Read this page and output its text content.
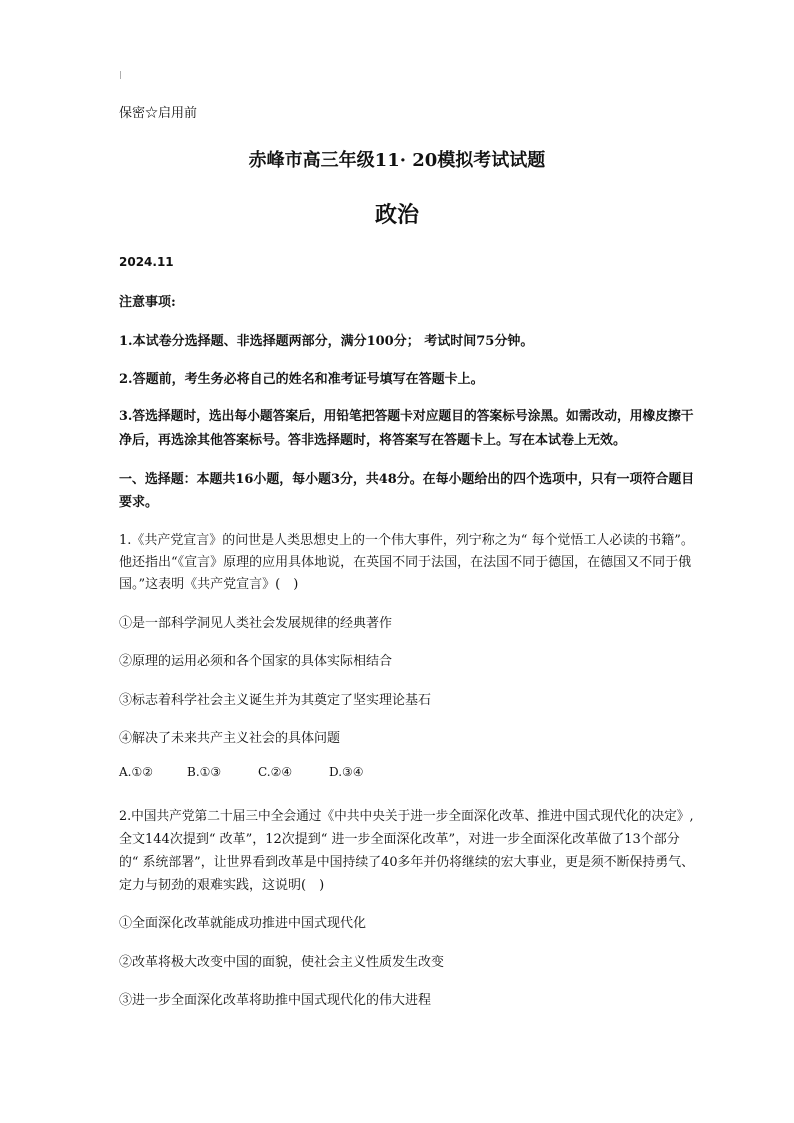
|
保密☆启用前
赤峰市高三年级11· 20模拟考试试题
政治
2024.11
注意事项:
1.本试卷分选择题、非选择题两部分，满分100分； 考试时间75分钟。
2.答题前，考生务必将自己的姓名和准考证号填写在答题卡上。
3.答选择题时，选出每小题答案后，用铅笔把答题卡对应题目的答案标号涂黑。如需改动，用橡皮擦干
净后，再选涂其他答案标号。答非选择题时，将答案写在答题卡上。写在本试卷上无效。
一、选择题：本题共16小题，每小题3分，共48分。在每小题给出的四个选项中，只有一项符合题目
要求。
1.《共产党宣言》的问世是人类思想史上的一个伟大事件，列宁称之为“ 每个觉悟工人必读的书籍”。
他还指出“《宣言》原理的应用具体地说，在英国不同于法国，在法国不同于德国，在德国又不同于俄
国。”这表明《共产党宣言》(　)
①是一部科学洞见人类社会发展规律的经典著作
②原理的运用必须和各个国家的具体实际相结合
③标志着科学社会主义诞生并为其奠定了坚实理论基石
④解决了未来共产主义社会的具体问题
A.①②	B.①③	C.②④	D.③④
2.中国共产党第二十届三中全会通过《中共中央关于进一步全面深化改革、推进中国式现代化的决定》,
全文144次提到“ 改革”，12次提到“ 进一步全面深化改革”，对进一步全面深化改革做了13个部分
的“ 系统部署”，让世界看到改革是中国持续了40多年并仍将继续的宏大事业，更是须不断保持勇气、
定力与韧劲的艰难实践，这说明(　)
①全面深化改革就能成功推进中国式现代化
②改革将极大改变中国的面貌，使社会主义性质发生改变
③进一步全面深化改革将助推中国式现代化的伟大进程
